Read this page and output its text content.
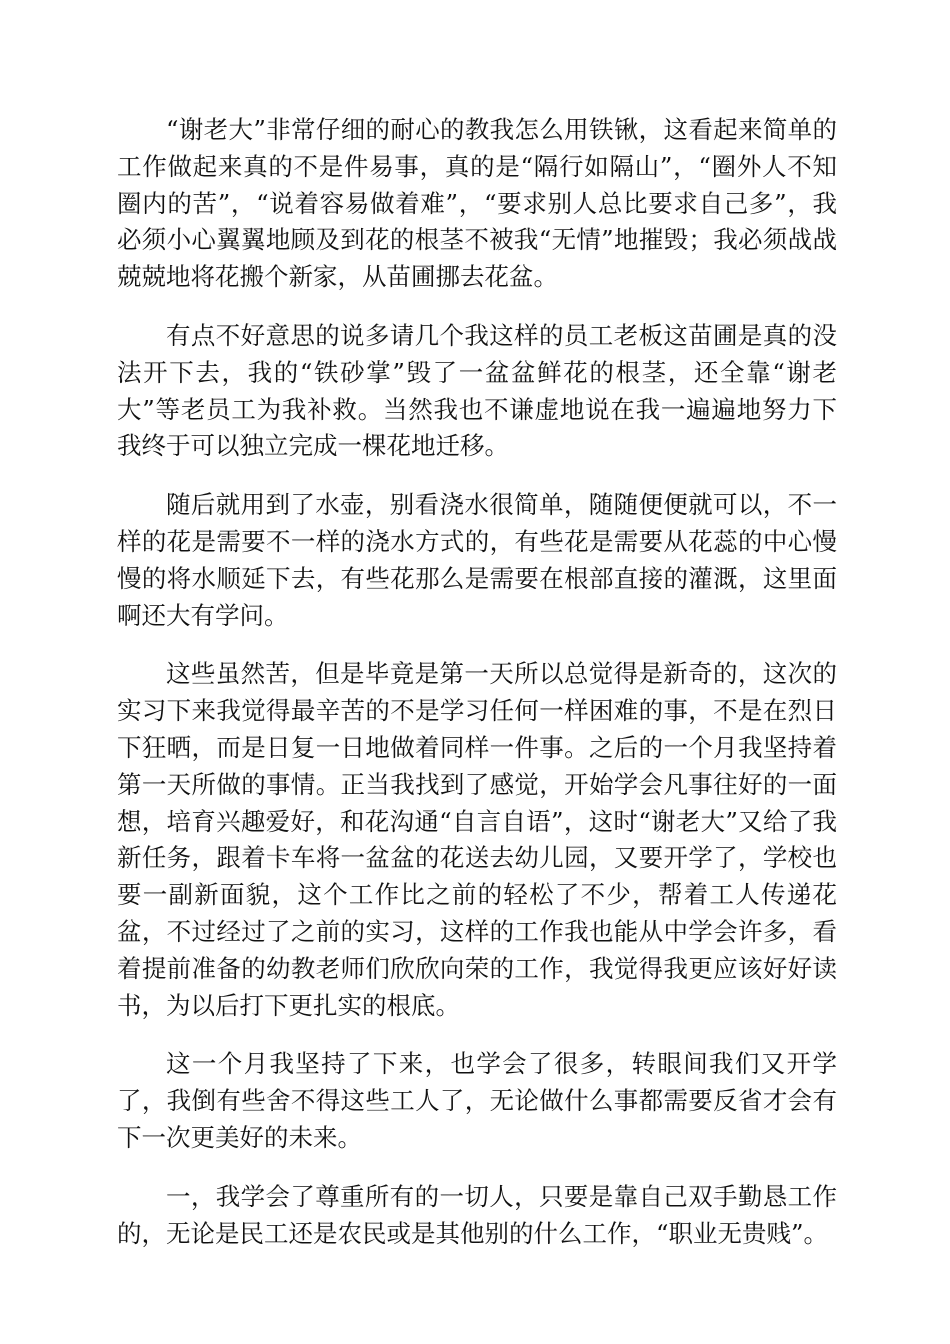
“谢老大”非常仔细的耐心的教我怎么用铁锹，这看起来简单的工作做起来真的不是件易事，真的是“隔行如隔山”，“圈外人不知圈内的苦”，“说着容易做着难”，“要求别人总比要求自己多”，我必须小心翼翼地顾及到花的根茎不被我“无情”地摧毁；我必须战战兢兢地将花搬个新家，从苗圃挪去花盆。

有点不好意思的说多请几个我这样的员工老板这苗圃是真的没法开下去，我的“铁砂掌”毁了一盆盆鲜花的根茎，还全靠“谢老大”等老员工为我补救。当然我也不谦虚地说在我一遍遍地努力下我终于可以独立完成一棵花地迁移。

随后就用到了水壶，别看浇水很简单，随随便便就可以，不一样的花是需要不一样的浇水方式的，有些花是需要从花蕊的中心慢慢的将水顺延下去，有些花那么是需要在根部直接的灌溉，这里面啊还大有学问。

这些虽然苦，但是毕竟是第一天所以总觉得是新奇的，这次的实习下来我觉得最辛苦的不是学习任何一样困难的事，不是在烈日下狂晒，而是日复一日地做着同样一件事。之后的一个月我坚持着第一天所做的事情。正当我找到了感觉，开始学会凡事往好的一面想，培育兴趣爱好，和花沟通“自言自语”，这时“谢老大”又给了我新任务，跟着卡车将一盆盆的花送去幼儿园，又要开学了，学校也要一副新面貌，这个工作比之前的轻松了不少，帮着工人传递花盆，不过经过了之前的实习，这样的工作我也能从中学会许多，看着提前准备的幼教老师们欣欣向荣的工作，我觉得我更应该好好读书，为以后打下更扎实的根底。

这一个月我坚持了下来，也学会了很多，转眼间我们又开学了，我倒有些舍不得这些工人了，无论做什么事都需要反省才会有下一次更美好的未来。

一，我学会了尊重所有的一切人，只要是靠自己双手勤恳工作的，无论是民工还是农民或是其他别的什么工作，“职业无贵贱”。
